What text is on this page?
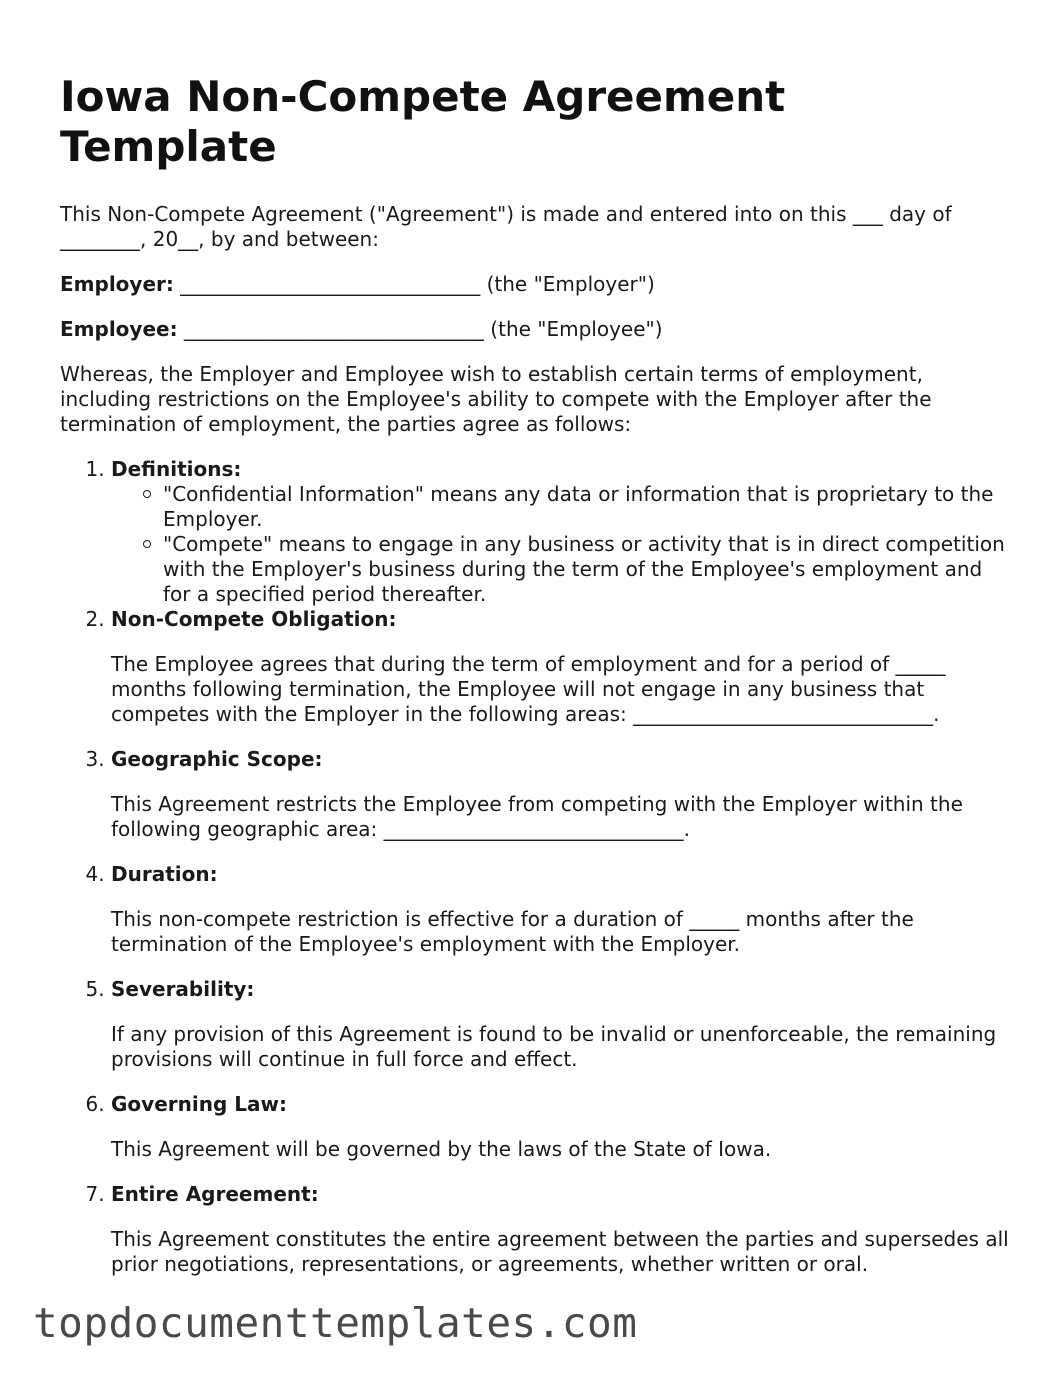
Iowa Non-Compete Agreement Template

This Non-Compete Agreement ("Agreement") is made and entered into on this ___ day of ________, 20__, by and between:

Employer: ______________________________ (the "Employer")

Employee: ______________________________ (the "Employee")

Whereas, the Employer and Employee wish to establish certain terms of employment, including restrictions on the Employee's ability to compete with the Employer after the termination of employment, the parties agree as follows:

1. Definitions:
"Confidential Information" means any data or information that is proprietary to the Employer.
"Compete" means to engage in any business or activity that is in direct competition with the Employer's business during the term of the Employee's employment and for a specified period thereafter.
2. Non-Compete Obligation:

The Employee agrees that during the term of employment and for a period of _____ months following termination, the Employee will not engage in any business that competes with the Employer in the following areas: ______________________________.

3. Geographic Scope:

This Agreement restricts the Employee from competing with the Employer within the following geographic area: ______________________________.

4. Duration:

This non-compete restriction is effective for a duration of _____ months after the termination of the Employee's employment with the Employer.

5. Severability:

If any provision of this Agreement is found to be invalid or unenforceable, the remaining provisions will continue in full force and effect.

6. Governing Law:

This Agreement will be governed by the laws of the State of Iowa.

7. Entire Agreement:

This Agreement constitutes the entire agreement between the parties and supersedes all prior negotiations, representations, or agreements, whether written or oral.

topdocumenttemplates.com
